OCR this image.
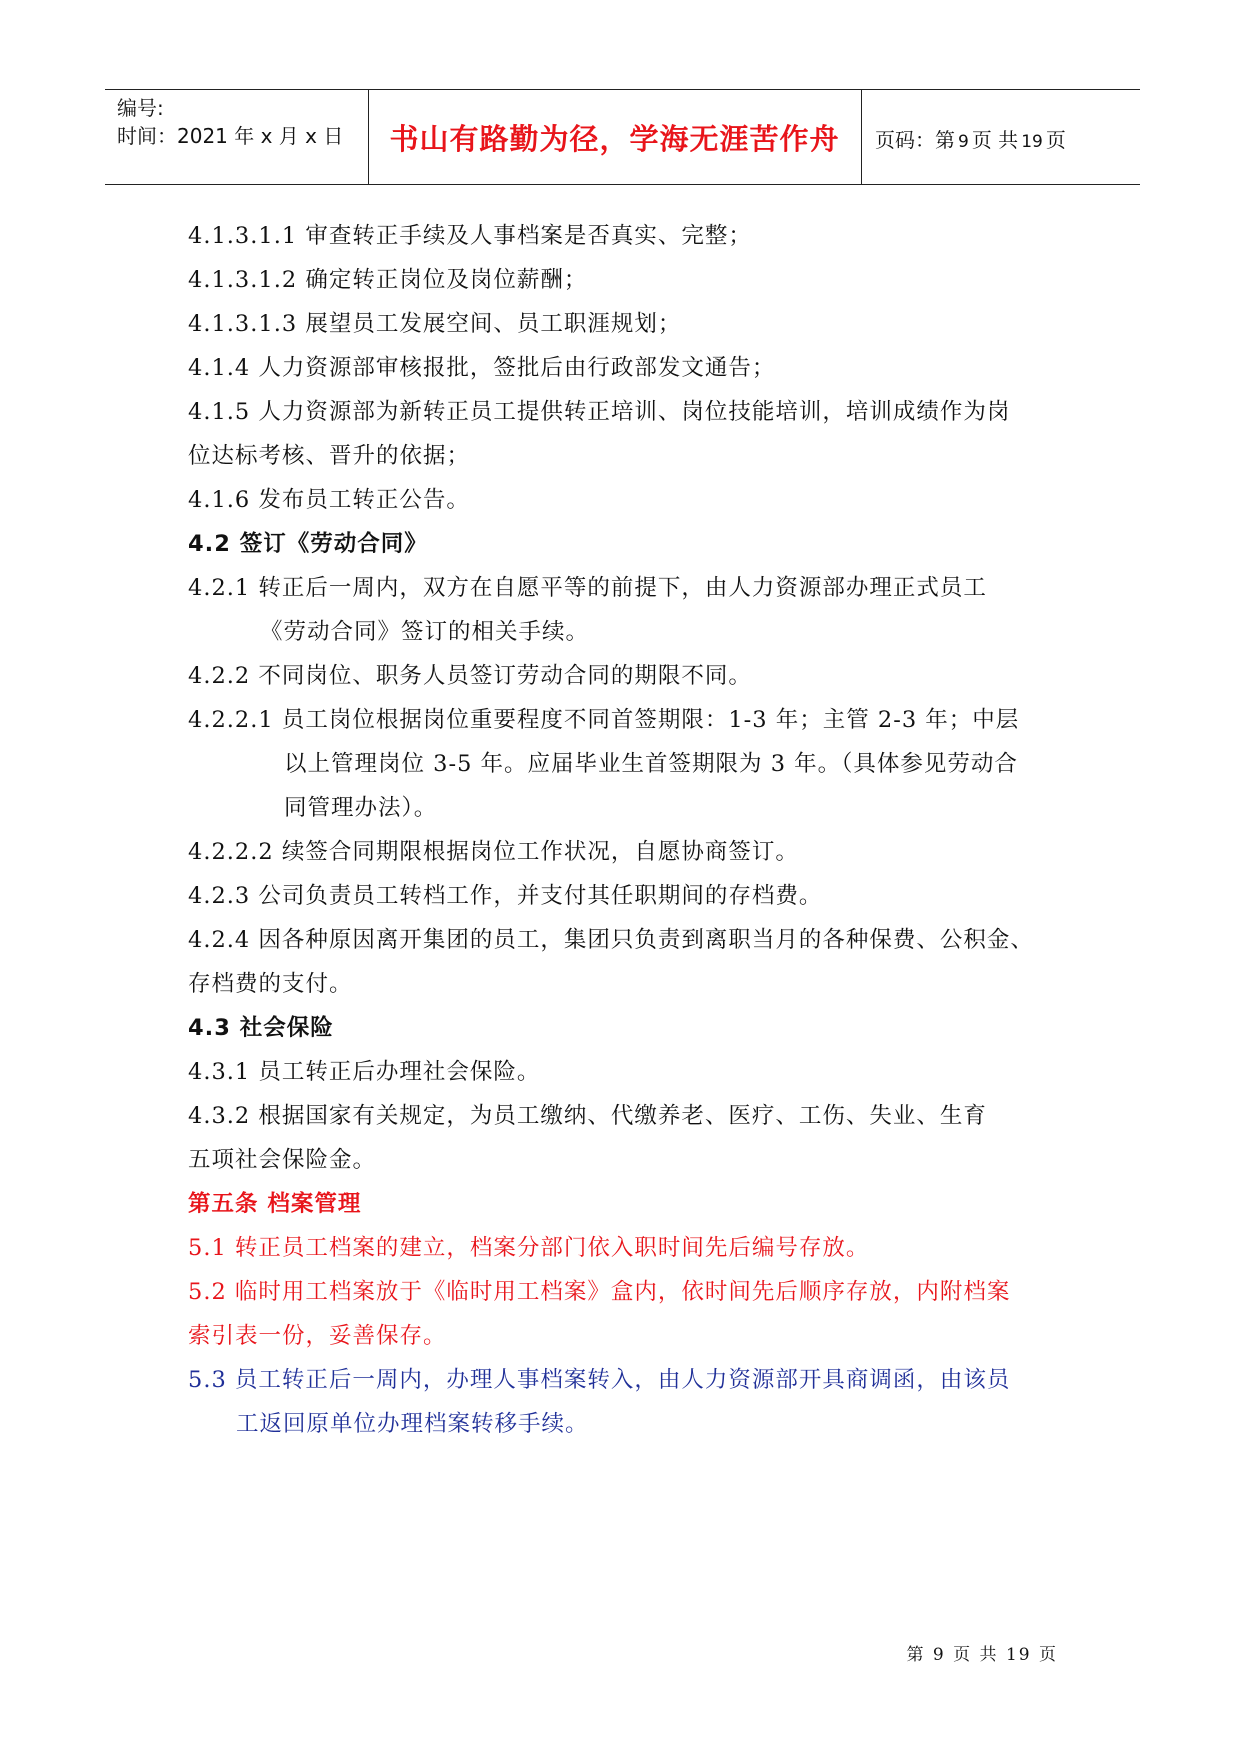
编号:
时间：2021 年 x 月 x 日	书山有路勤为径，学海无涯苦作舟	页码：第 9 页 共 19 页
4.1.3.1.1 审查转正手续及人事档案是否真实、完整；
4.1.3.1.2 确定转正岗位及岗位薪酬；
4.1.3.1.3 展望员工发展空间、员工职涯规划；
4.1.4 人力资源部审核报批，签批后由行政部发文通告；
4.1.5 人力资源部为新转正员工提供转正培训、岗位技能培训，培训成绩作为岗
位达标考核、晋升的依据；
4.1.6 发布员工转正公告。
4.2 签订《劳动合同》
4.2.1 转正后一周内，双方在自愿平等的前提下，由人力资源部办理正式员工
《劳动合同》签订的相关手续。
4.2.2 不同岗位、职务人员签订劳动合同的期限不同。
4.2.2.1 员工岗位根据岗位重要程度不同首签期限：1-3 年；主管 2-3 年；中层
以上管理岗位 3-5 年。应届毕业生首签期限为 3 年。（具体参见劳动合
同管理办法）。
4.2.2.2 续签合同期限根据岗位工作状况，自愿协商签订。
4.2.3 公司负责员工转档工作，并支付其任职期间的存档费。
4.2.4 因各种原因离开集团的员工，集团只负责到离职当月的各种保费、公积金、
存档费的支付。
4.3 社会保险
4.3.1 员工转正后办理社会保险。
4.3.2 根据国家有关规定，为员工缴纳、代缴养老、医疗、工伤、失业、生育
五项社会保险金。
第五条 档案管理
5.1 转正员工档案的建立，档案分部门依入职时间先后编号存放。
5.2 临时用工档案放于《临时用工档案》盒内，依时间先后顺序存放，内附档案
索引表一份，妥善保存。
5.3 员工转正后一周内，办理人事档案转入，由人力资源部开具商调函，由该员
工返回原单位办理档案转移手续。
第 9 页 共 19 页
